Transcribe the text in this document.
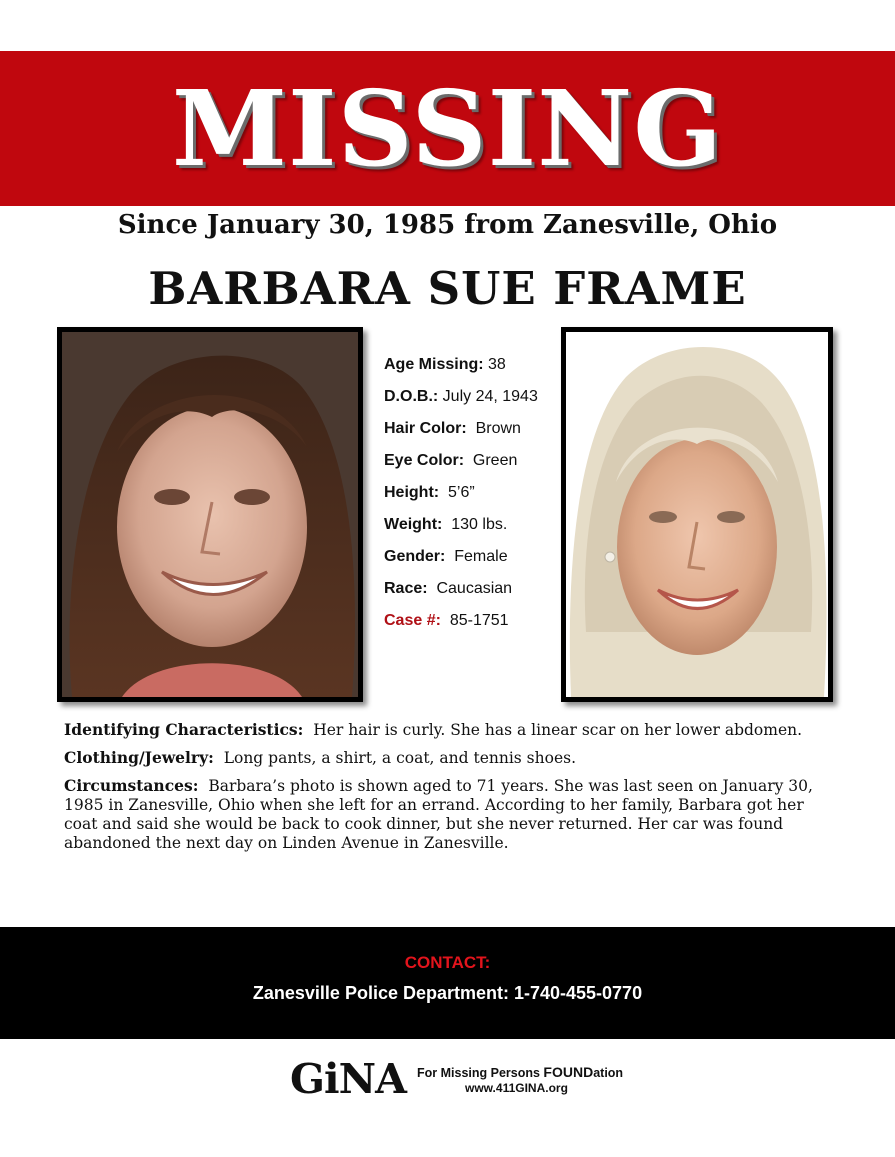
MISSING
Since January 30, 1985 from Zanesville, Ohio
BARBARA SUE FRAME
Age Missing: 38
D.O.B.: July 24, 1943
Hair Color: Brown
Eye Color: Green
Height: 5’6”
Weight: 130 lbs.
Gender: Female
Race: Caucasian
Case #: 85-1751

Identifying Characteristics: Her hair is curly. She has a linear scar on her lower abdomen.

Clothing/Jewelry: Long pants, a shirt, a coat, and tennis shoes.

Circumstances: Barbara’s photo is shown aged to 71 years. She was last seen on January 30, 1985 in Zanesville, Ohio when she left for an errand. According to her family, Barbara got her coat and said she would be back to cook dinner, but she never returned. Her car was found abandoned the next day on Linden Avenue in Zanesville.

CONTACT:
Zanesville Police Department: 1-740-455-0770
GiNA For Missing Persons FOUNDation
www.411GINA.org
